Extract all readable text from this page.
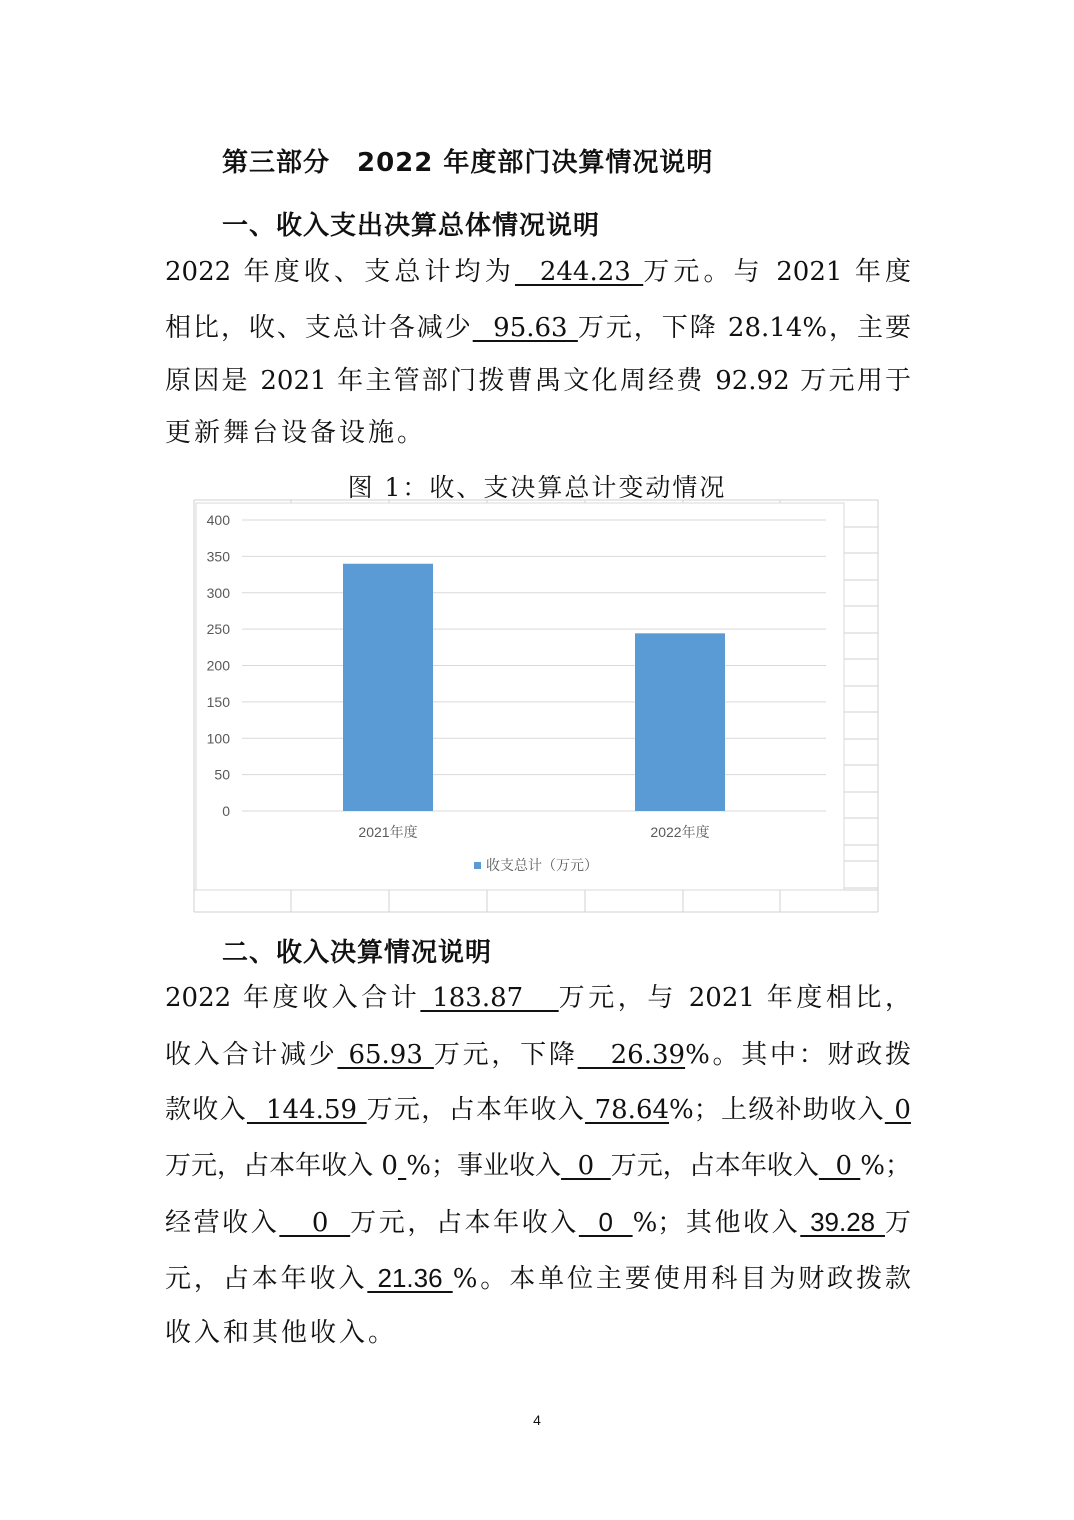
第三部分　2022 年度部门决算情况说明
一、收入支出决算总体情况说明
2022 年度收、支总计均为  244.23 万元。与 2021 年度
相比，收、支总计各减少  95.63 万元，下降 28.14%，主要
原因是 2021 年主管部门拨曹禺文化周经费 92.92 万元用于
更新舞台设备设施。
图 1：收、支决算总计变动情况
0
50
100
150
200
250
300
350
400
2021年度	2022年度
收支总计（万元）
二、收入决算情况说明
2022 年度收入合计 183.87   万元，与 2021 年度相比，
收入合计减少 65.93 万元，下降   26.39%。其中：财政拨
款收入  144.59 万元，占本年收入 78.64%；上级补助收入 0
万元，占本年收入 0 %；事业收入  0  万元，占本年收入  0 %；
经营收入   0  万元，占本年收入  0  %；其他收入 39.28 万
元，占本年收入 21.36 %。本单位主要使用科目为财政拨款
收入和其他收入。
4
